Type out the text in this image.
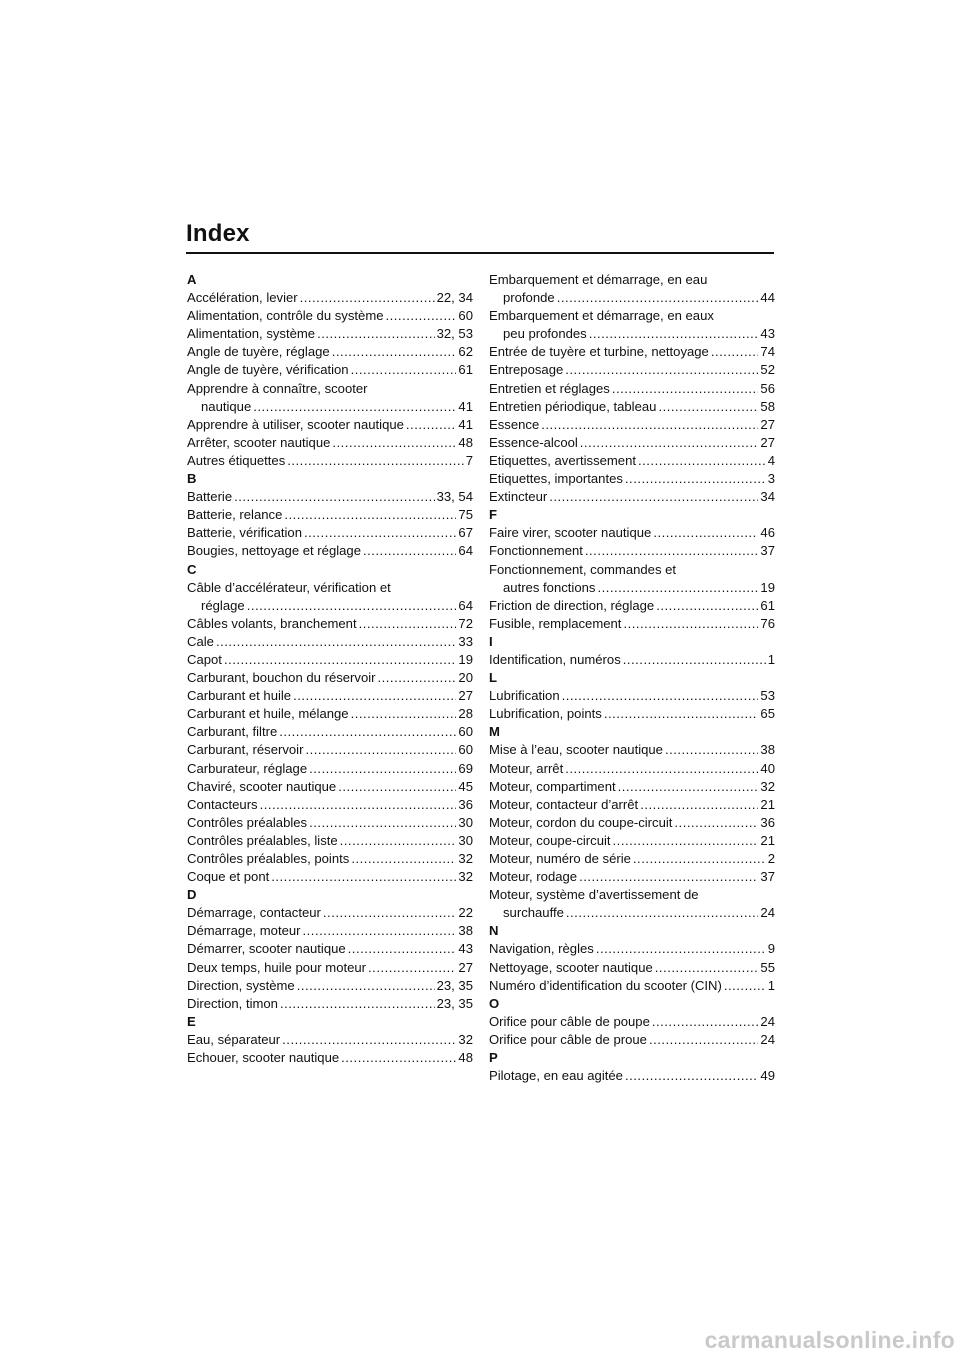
Index
A
Accélération, levier .....	22, 34
Alimentation, contrôle du système .....	60
Alimentation, système .....	32, 53
Angle de tuyère, réglage .....	62
Angle de tuyère, vérification .....	61
Apprendre à connaître, scooter
nautique .....	41
Apprendre à utiliser, scooter nautique .....	41
Arrêter, scooter nautique .....	48
Autres étiquettes .....	7
B
Batterie .....	33, 54
Batterie, relance .....	75
Batterie, vérification .....	67
Bougies, nettoyage et réglage .....	64
C
Câble d’accélérateur, vérification et
réglage .....	64
Câbles volants, branchement .....	72
Cale .....	33
Capot .....	19
Carburant, bouchon du réservoir .....	20
Carburant et huile .....	27
Carburant et huile, mélange .....	28
Carburant, filtre .....	60
Carburant, réservoir .....	60
Carburateur, réglage .....	69
Chaviré, scooter nautique .....	45
Contacteurs .....	36
Contrôles préalables .....	30
Contrôles préalables, liste .....	30
Contrôles préalables, points .....	32
Coque et pont .....	32
D
Démarrage, contacteur .....	22
Démarrage, moteur .....	38
Démarrer, scooter nautique .....	43
Deux temps, huile pour moteur .....	27
Direction, système .....	23, 35
Direction, timon .....	23, 35
E
Eau, séparateur .....	32
Echouer, scooter nautique .....	48
Embarquement et démarrage, en eau
profonde .....	44
Embarquement et démarrage, en eaux
peu profondes .....	43
Entrée de tuyère et turbine, nettoyage .....	74
Entreposage .....	52
Entretien et réglages .....	56
Entretien périodique, tableau .....	58
Essence .....	27
Essence-alcool .....	27
Etiquettes, avertissement .....	4
Etiquettes, importantes .....	3
Extincteur .....	34
F
Faire virer, scooter nautique .....	46
Fonctionnement .....	37
Fonctionnement, commandes et
autres fonctions .....	19
Friction de direction, réglage .....	61
Fusible, remplacement .....	76
I
Identification, numéros .....	1
L
Lubrification .....	53
Lubrification, points .....	65
M
Mise à l’eau, scooter nautique .....	38
Moteur, arrêt .....	40
Moteur, compartiment .....	32
Moteur, contacteur d’arrêt .....	21
Moteur, cordon du coupe-circuit .....	36
Moteur, coupe-circuit .....	21
Moteur, numéro de série .....	2
Moteur, rodage .....	37
Moteur, système d’avertissement de
surchauffe .....	24
N
Navigation, règles .....	9
Nettoyage, scooter nautique .....	55
Numéro d’identification du scooter (CIN) .....	1
O
Orifice pour câble de poupe .....	24
Orifice pour câble de proue .....	24
P
Pilotage, en eau agitée .....	49
carmanualsonline.info
